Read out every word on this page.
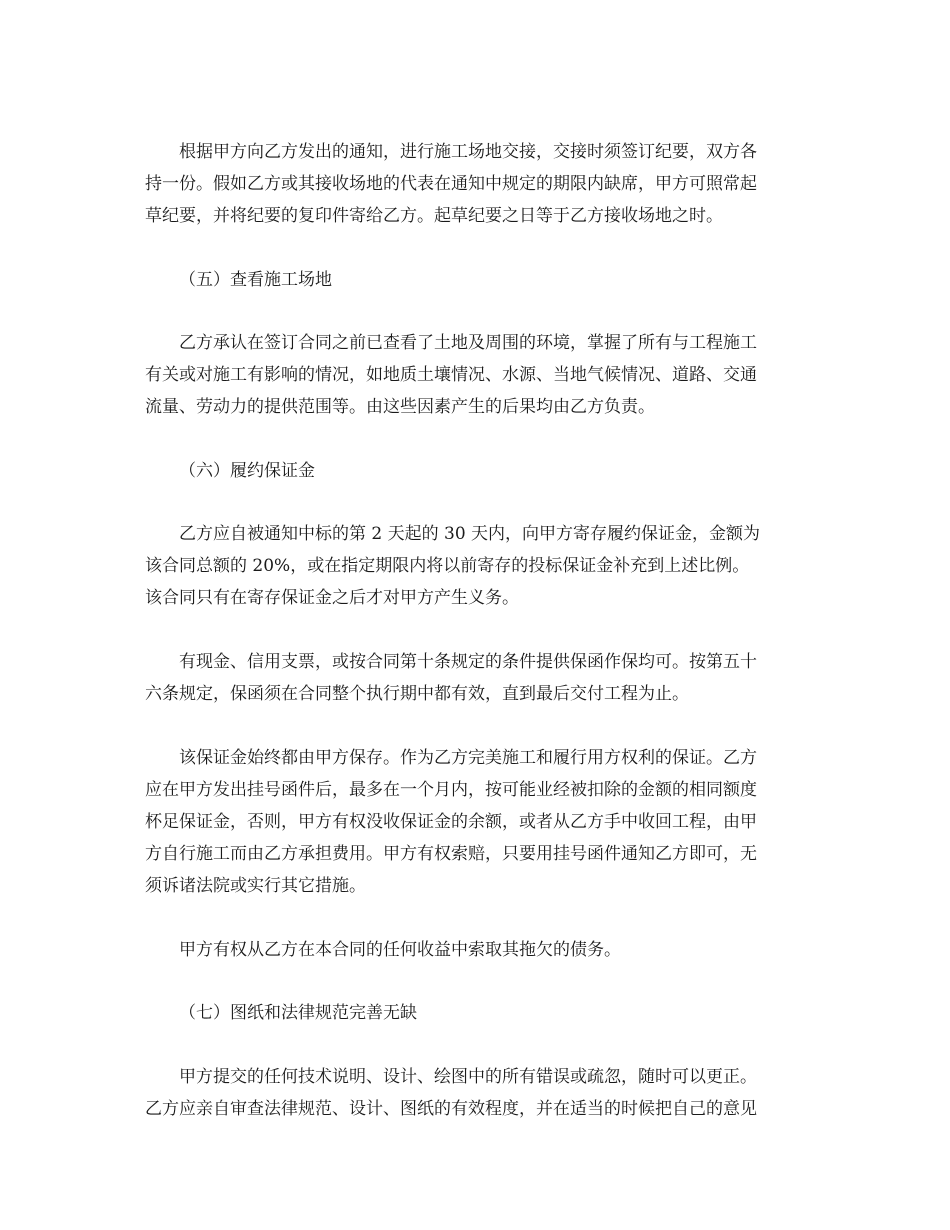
根据甲方向乙方发出的通知，进行施工场地交接，交接时须签订纪要，双方各
持一份。假如乙方或其接收场地的代表在通知中规定的期限内缺席，甲方可照常起
草纪要，并将纪要的复印件寄给乙方。起草纪要之日等于乙方接收场地之时。
（五）查看施工场地
乙方承认在签订合同之前已查看了土地及周围的环境，掌握了所有与工程施工
有关或对施工有影响的情况，如地质土壤情况、水源、当地气候情况、道路、交通
流量、劳动力的提供范围等。由这些因素产生的后果均由乙方负责。
（六）履约保证金
乙方应自被通知中标的第 2 天起的 30 天内，向甲方寄存履约保证金，金额为
该合同总额的 20%，或在指定期限内将以前寄存的投标保证金补充到上述比例。
该合同只有在寄存保证金之后才对甲方产生义务。
有现金、信用支票，或按合同第十条规定的条件提供保函作保均可。按第五十
六条规定，保函须在合同整个执行期中都有效，直到最后交付工程为止。
该保证金始终都由甲方保存。作为乙方完美施工和履行用方权利的保证。乙方
应在甲方发出挂号函件后，最多在一个月内，按可能业经被扣除的金额的相同额度
杯足保证金，否则，甲方有权没收保证金的余额，或者从乙方手中收回工程，由甲
方自行施工而由乙方承担费用。甲方有权索赔，只要用挂号函件通知乙方即可，无
须诉诸法院或实行其它措施。
甲方有权从乙方在本合同的任何收益中索取其拖欠的债务。
（七）图纸和法律规范完善无缺
甲方提交的任何技术说明、设计、绘图中的所有错误或疏忽，随时可以更正。
乙方应亲自审查法律规范、设计、图纸的有效程度，并在适当的时候把自己的意见
